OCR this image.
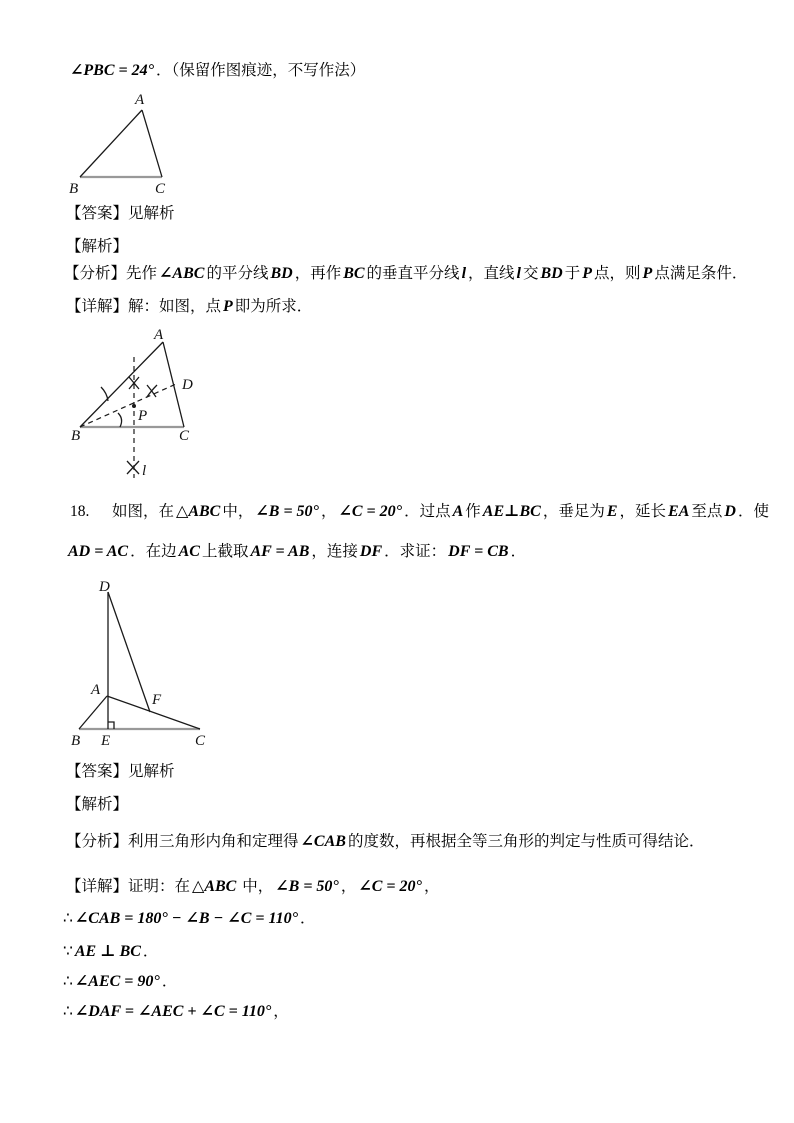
∠PBC = 24° ．（保留作图痕迹，不写作法）
A
B	C
【答案】见解析
【解析】
【分析】先作 ∠ABC 的平分线 BD ，再作 BC 的垂直平分线 l ，直线 l 交 BD 于 P 点，则 P 点满足条件．
【详解】解：如图，点 P 即为所求．
A
B	C
D
P
l
18. 如图，在 △ABC 中， ∠B = 50° ， ∠C = 20° ．过点 A 作 AE⊥BC ，垂足为 E ，延长 EA 至点 D ．使
AD = AC ．在边 AC 上截取 AF = AB ，连接 DF ．求证： DF = CB ．
D
A
F
B E	C
【答案】见解析
【解析】
【分析】利用三角形内角和定理得 ∠CAB 的度数，再根据全等三角形的判定与性质可得结论．
【详解】证明：在 △ABC 中， ∠B = 50° ， ∠C = 20° ，
∴ ∠CAB = 180° − ∠B − ∠C = 110° ．
∵ AE ⊥ BC ．
∴ ∠AEC = 90° ．
∴ ∠DAF = ∠AEC + ∠C = 110° ，
